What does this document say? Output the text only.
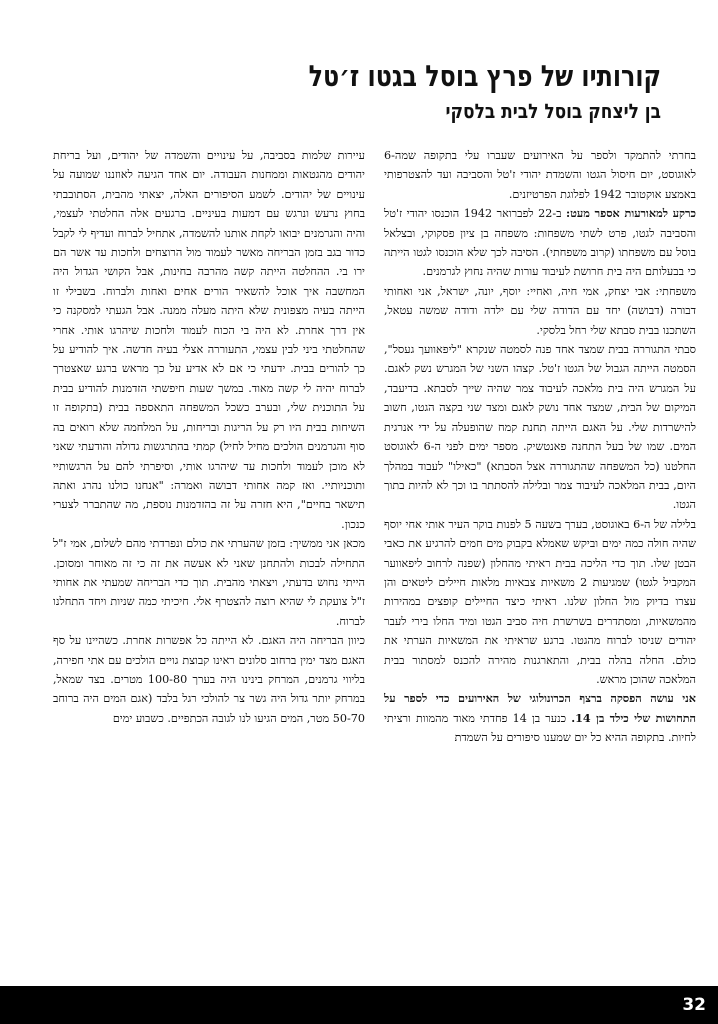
קורותיו של פרץ בוסל בגטו ז׳טל
בן ליצחק בוסל לבית בלסקי

בחרתי להתמקד ולספר על האירועים שעברו עלי בתקופה שמה-6 לאוגוסט, יום חיסול הגטו והשמדת יהודי ז'טל והסביבה ועד להצטרפותי באמצע אוקטובר 1942 לפלוגת הפרטיזנים.

כרקע למאורעות אספר מעט: ב-22 לפברואר 1942 הוכנסו יהודי ז'טל והסביבה לגטו, פרט לשתי משפחות: משפחה בן ציון פסקוקי, ובצלאל בוסל עם משפחתו (קרוב משפחתי). הסיבה לכך שלא הוכנסו לגטו הייתה כי בבעלותם היה בית חרושת לעיבוד עורות שהיה נחוץ לגרמנים.

משפחתי: אבי יצחק, אמי חיה, ואחיי: יוסף, יונה, ישראל, אני ואחותי דבורה (דבושה) יחד עם הדודה שלי עם ילדה ודודה שמשה עטאל, השתכנו בבית סבתא שלי רחל בלסקי.

סבתי התגוררה בבית שמצד אחד פנה לסמטה שנקרא "ליפאוועך געסל", הסמטה הייתה הגבול של הגטו ז'טל. קצהו השני של המגרש נשק לאגם. על המגרש היה בית מלאכה לעיבוד צמר שהיה שייך לסבתא. בדיעבד, המיקום של הבית, שמצד אחד נושק לאגם ומצד שני בקצה הגטו, חשוב להישרדות שלי. על האגם הייתה תחנת קמח שהופעלה על ידי אנרגית המים. שמו של בעל התחנה פאנטשיק. מספר ימים לפני ה-6 לאוגוסט החלטנו (כל המשפחה שהתגוררה אצל הסבתא) "כאילו" לעבוד במהלך היום, בבית המלאכה לעיבוד צמר ובלילה להסתתר בו וכך לא להיות בתוך הגטו.

בלילה של ה-6 באוגוסט, בערך בשעה 5 לפנות בוקר העיר אותי אחי יוסף שהיה חולה כמה ימים וביקש שאמלא בקבוק מים חמים להרגיע את כאבי הבטן שלו. תוך כדי הליכה בבית ראיתי מהחלון (שפנה לרחוב ליפאווער המקביל לגטו) שמגיעות 2 משאיות צבאיות מלאות חיילים ליטאים והן עצרו בדיוק מול החלון שלנו. ראיתי כיצד החיילים קופצים במהירות מהמשאיות, ומסתדרים בשרשרת חיה סביב הגטו ומיד החלו בירי לעבר יהודים שניסו לברוח מהגטו. ברגע שראיתי את המשאיות הערתי את כולם. החלה בהלה בבית, והתארגנות מהירה להכנס למסתור בבית המלאכה שהוכן מראש.

אני עושה הפסקה ברצף הכרונולוגי של האירועים כדי לספר על התחושות שלי כילד בן 14. כנער בן 14 פחדתי מאוד מהמוות ורציתי לחיות. בתקופה ההיא כל יום שמענו סיפורים על השמדת

עיירות שלמות בסביבה, על עינויים והשמדה של יהודים, ועל בריחת יהודים מהגטאות וממחנות העבודה. יום אחד הגיעה לאוזננו שמועה על עינויים של יהודים. לשמע הסיפורים האלה, יצאתי מהבית, הסתובבתי בחוץ נרעש ונרגש עם דמעות בעיניים. ברגעים אלה החלטתי לעצמי, והיה והגרמנים יבואו לקחת אותנו להשמדה, אתחיל לברוח ועדיף לי לקבל כדור בגב בזמן הבריחה מאשר לעמוד מול הרוצחים ולחכות עד אשר הם ירו בי. ההחלטה הייתה קשה מהרבה בחינות, אבל הקושי הגדול היה המחשבה איך אוכל להשאיר הורים אחים ואחות ולברוח. בשבילי זו הייתה בעיה מצפונית שלא היתה מעלה ממנה. אבל הגעתי למסקנה כי אין דרך אחרת. לא היה בי הכוח לעמוד ולחכות שיהרגו אותי. אחרי שהחלטתי ביני לבין עצמי, התעוררה אצלי בעיה חדשה. איך להודיע על כך להורים בבית. ידעתי כי אם לא אדיע על כך מראש ברגע שאצטרך לברוח יהיה לי קשה מאוד. במשך שעות חיפשתי הזדמנות להודיע בבית על התוכנית שלי, ובערב כשכל המשפחה התאספה בבית (בתקופה זו השיחות בבית היו רק על הריגות ובריחות, על המלחמה שלא רואים בה סוף והגרמנים הולכים מחיל לחיל) קמתי בהתרגשות גדולה והודעתי שאני לא מוכן לעמוד ולחכות עד שיהרגו אותי, וסיפרתי להם על הרגשותיי ותוכניותיי. ואז קמה אחותי דבושה ואמרה: "אנחנו כולנו נהרג ואתה תישאר בחיים", היא חזרה על זה בהזדמנות נוספת, מה שהתברר לצערי כנכון.

מכאן אני ממשיך: בזמן שהערתי את כולם ונפרדתי מהם לשלום, אמי ז"ל התחילה לבכות ולהתחנן שאני לא אעשה את זה כי זה מאוחר ומסוכן. הייתי נחוש בדעתי, ויצאתי מהבית. תוך כדי הבריחה שמעתי את אחותי ז"ל צועקת לי שהיא רוצה להצטרף אלי. חיכיתי כמה שניות ויחד התחלנו לברוח.

כיוון הבריחה היה האגם. לא הייתה כל אפשרות אחרת. כשהיינו על סף האגם מצד ימין ברחוב סלונים ראינו קבוצת גויים הולכים עם אתי חפירה, בליווי גרמנים, המרחק בינינו היה בערך 100-80 מטרים. בצד שמאל, במרחק יותר גדול היה גשר צר להולכי רגל בלבד (אגם המים היה ברוחב 50-70 מטר, המים הגיעו לנו לגובה הכתפיים. כשבוע ימים

32
